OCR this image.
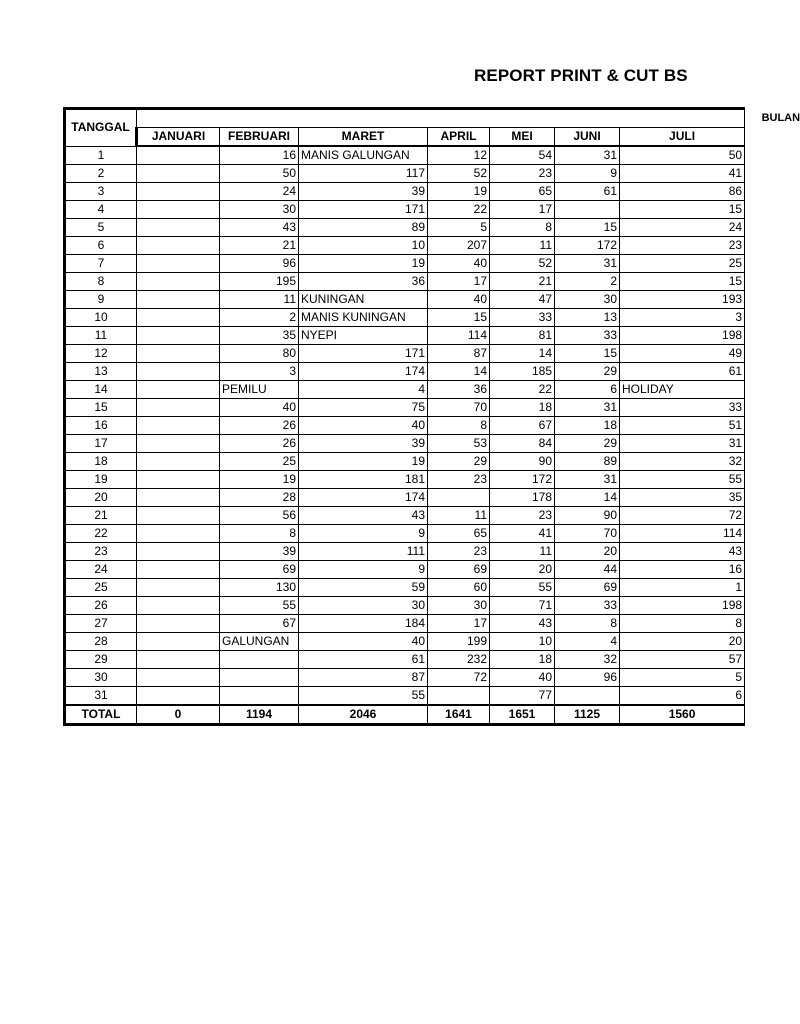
REPORT PRINT & CUT BS
TANGGAL	BULAN						
	JANUARI	FEBRUARI	MARET	APRIL	MEI	JUNI	JULI
1		16	MANIS GALUNGAN	12	54	31	50
2		50	117	52	23	9	41
3		24	39	19	65	61	86
4		30	171	22	17		15
5		43	89	5	8	15	24
6		21	10	207	11	172	23
7		96	19	40	52	31	25
8		195	36	17	21	2	15
9		11	KUNINGAN	40	47	30	193
10		2	MANIS KUNINGAN	15	33	13	3
11		35	NYEPI	114	81	33	198
12		80	171	87	14	15	49
13		3	174	14	185	29	61
14		PEMILU	4	36	22	6	HOLIDAY
15		40	75	70	18	31	33
16		26	40	8	67	18	51
17		26	39	53	84	29	31
18		25	19	29	90	89	32
19		19	181	23	172	31	55
20		28	174		178	14	35
21		56	43	11	23	90	72
22		8	9	65	41	70	114
23		39	111	23	11	20	43
24		69	9	69	20	44	16
25		130	59	60	55	69	1
26		55	30	30	71	33	198
27		67	184	17	43	8	8
28		GALUNGAN	40	199	10	4	20
29			61	232	18	32	57
30			87	72	40	96	5
31			55		77		6
TOTAL	0	1194	2046	1641	1651	1125	1560
